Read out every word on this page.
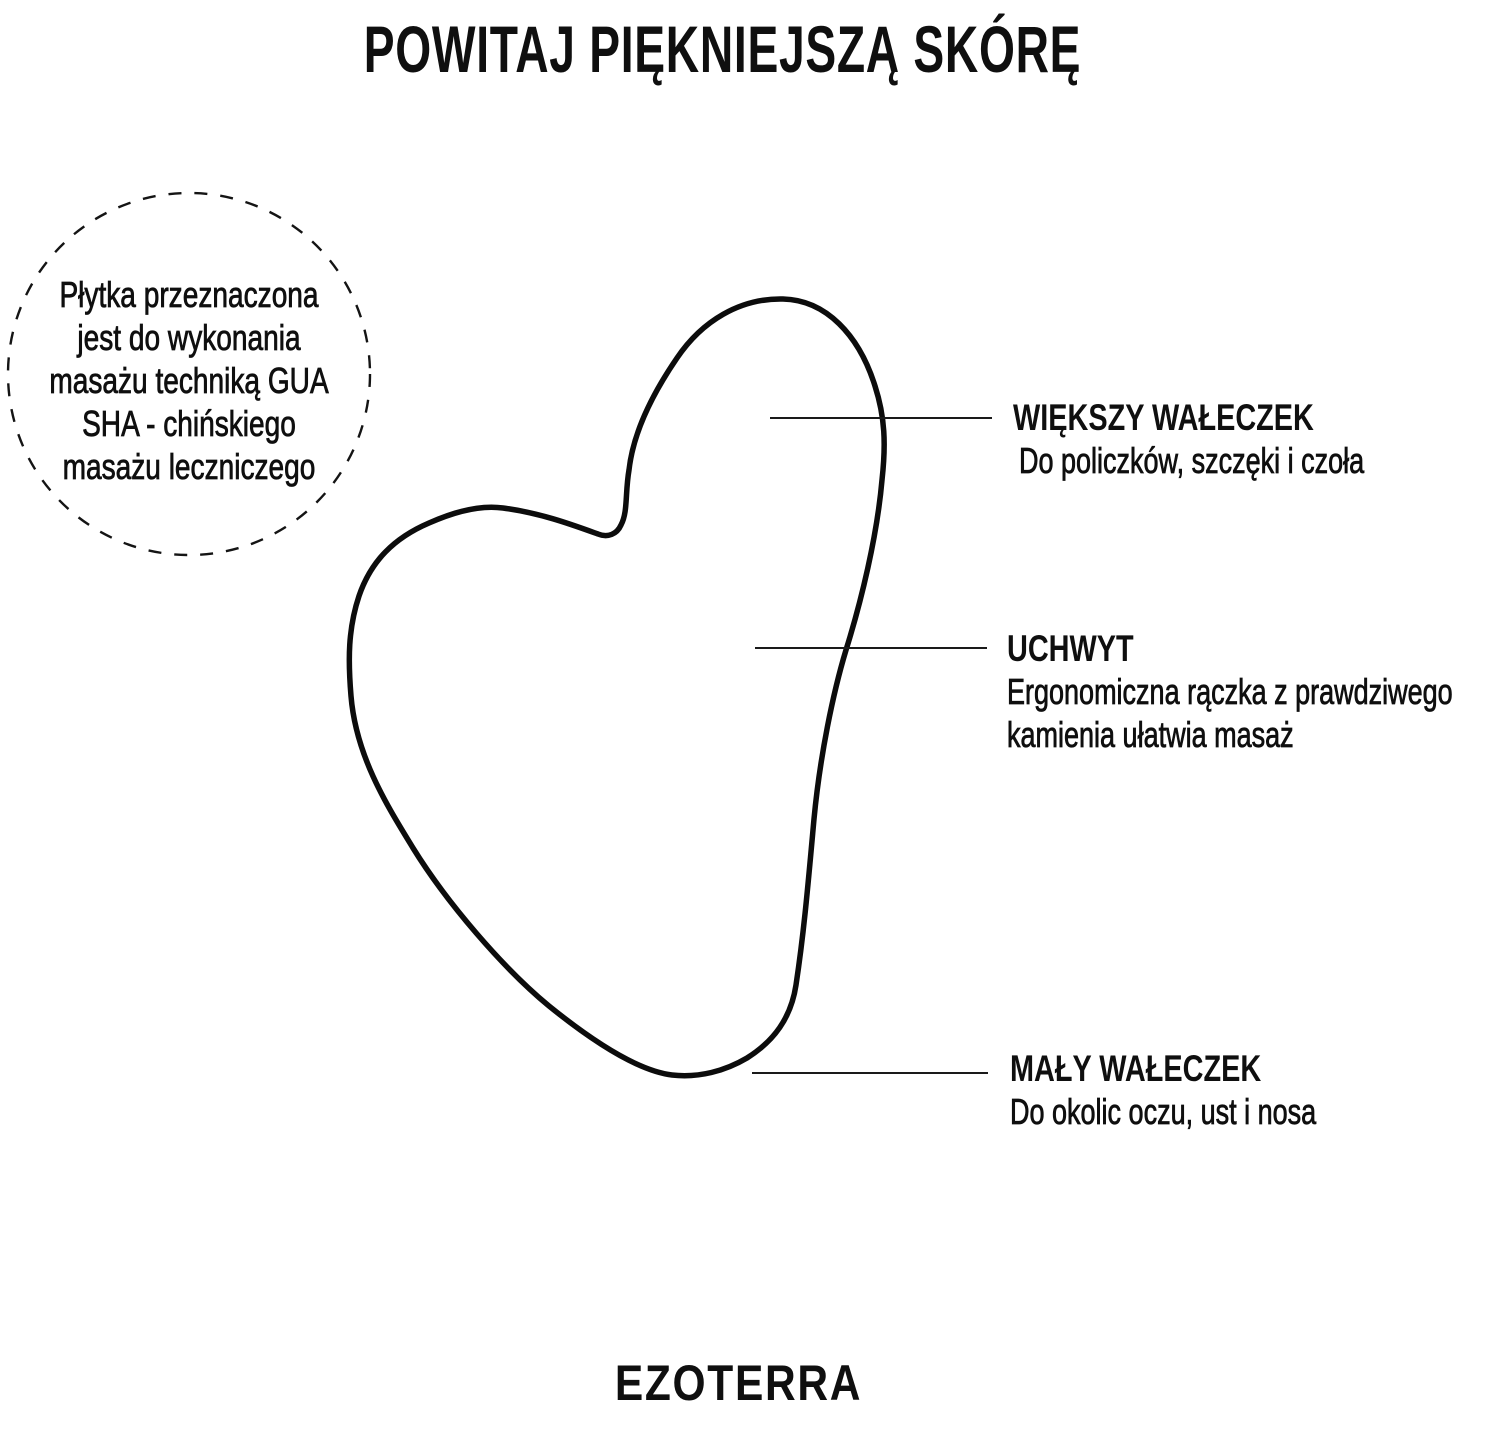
POWITAJ PIĘKNIEJSZĄ SKÓRĘ
Płytka przeznaczona
jest do wykonania
masażu techniką GUA
SHA - chińskiego
masażu leczniczego
WIĘKSZY WAŁECZEK
Do policzków, szczęki i czoła
UCHWYT
Ergonomiczna rączka z prawdziwego
kamienia ułatwia masaż
MAŁY WAŁECZEK
Do okolic oczu, ust i nosa
EZOTERRA
